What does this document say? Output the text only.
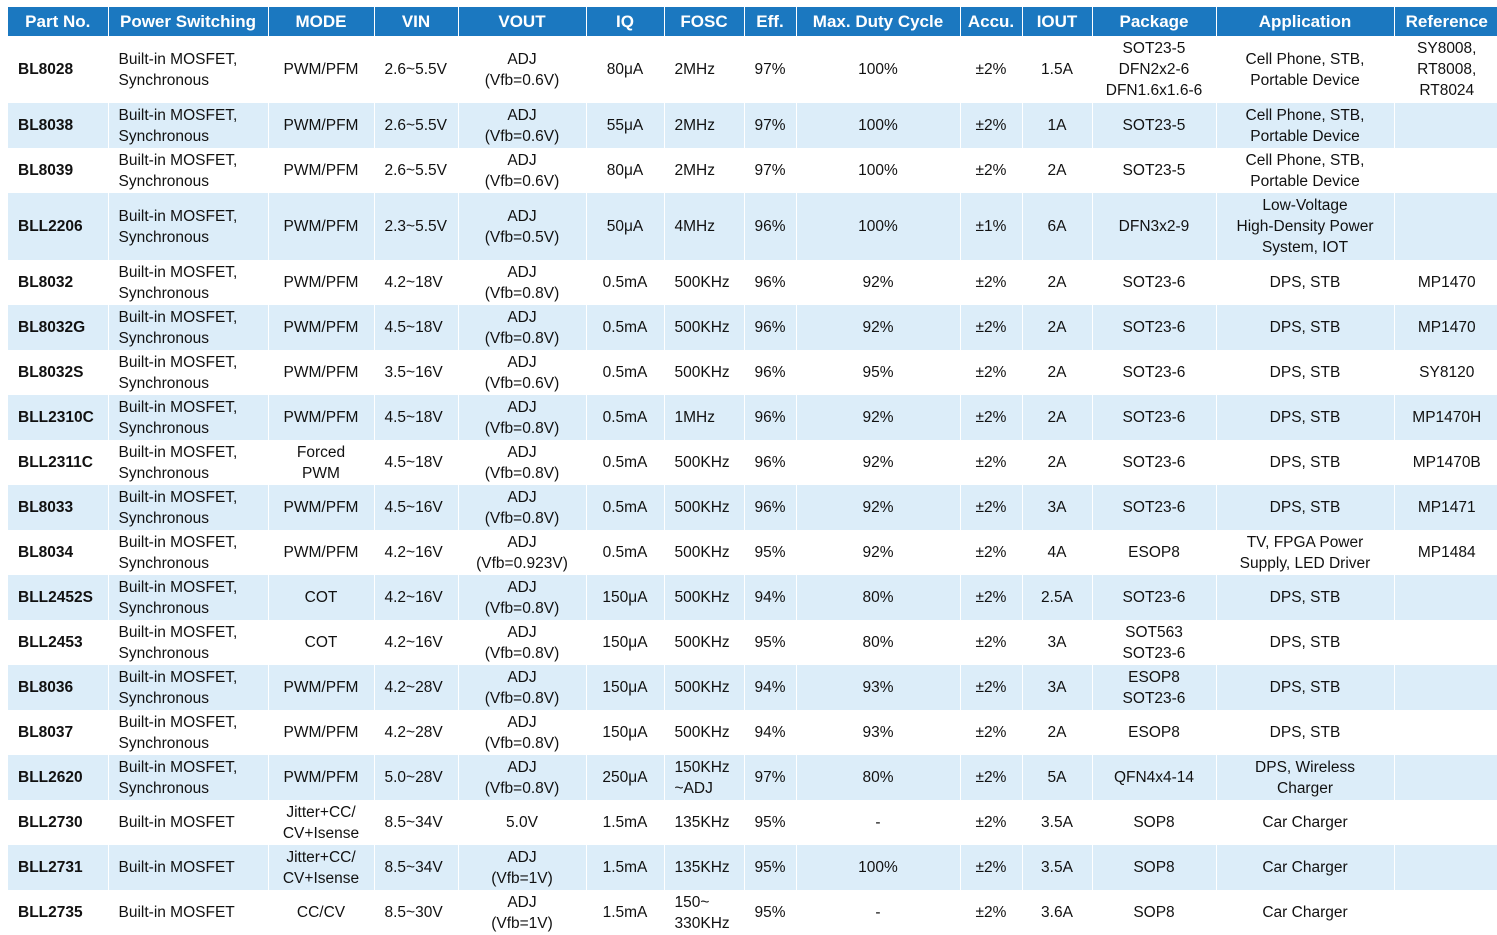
Part No.	Power Switching	MODE	VIN	VOUT	IQ	FOSC	Eff.	Max. Duty Cycle	Accu.	IOUT	Package	Application	Reference
BL8028	Built-in MOSFET,
Synchronous	PWM/PFM	2.6~5.5V	ADJ
(Vfb=0.6V)	80μA	2MHz	97%	100%	±2%	1.5A	SOT23-5
DFN2x2-6
DFN1.6x1.6-6	Cell Phone, STB,
Portable Device	SY8008,
RT8008,
RT8024

BL8038	Built-in MOSFET,
Synchronous	PWM/PFM	2.6~5.5V	ADJ
(Vfb=0.6V)	55μA	2MHz	97%	100%	±2%	1A	SOT23-5	Cell Phone, STB,
Portable Device	

BL8039	Built-in MOSFET,
Synchronous	PWM/PFM	2.6~5.5V	ADJ
(Vfb=0.6V)	80μA	2MHz	97%	100%	±2%	2A	SOT23-5	Cell Phone, STB,
Portable Device	

BLL2206	Built-in MOSFET,
Synchronous	PWM/PFM	2.3~5.5V	ADJ
(Vfb=0.5V)	50μA	4MHz	96%	100%	±1%	6A	DFN3x2-9	Low-Voltage
High-Density Power
System, IOT	

BL8032	Built-in MOSFET,
Synchronous	PWM/PFM	4.2~18V	ADJ
(Vfb=0.8V)	0.5mA	500KHz	96%	92%	±2%	2A	SOT23-6	DPS, STB	MP1470

BL8032G	Built-in MOSFET,
Synchronous	PWM/PFM	4.5~18V	ADJ
(Vfb=0.8V)	0.5mA	500KHz	96%	92%	±2%	2A	SOT23-6	DPS, STB	MP1470

BL8032S	Built-in MOSFET,
Synchronous	PWM/PFM	3.5~16V	ADJ
(Vfb=0.6V)	0.5mA	500KHz	96%	95%	±2%	2A	SOT23-6	DPS, STB	SY8120

BLL2310C	Built-in MOSFET,
Synchronous	PWM/PFM	4.5~18V	ADJ
(Vfb=0.8V)	0.5mA	1MHz	96%	92%	±2%	2A	SOT23-6	DPS, STB	MP1470H

BLL2311C	Built-in MOSFET,
Synchronous	Forced
PWM	4.5~18V	ADJ
(Vfb=0.8V)	0.5mA	500KHz	96%	92%	±2%	2A	SOT23-6	DPS, STB	MP1470B

BL8033	Built-in MOSFET,
Synchronous	PWM/PFM	4.5~16V	ADJ
(Vfb=0.8V)	0.5mA	500KHz	96%	92%	±2%	3A	SOT23-6	DPS, STB	MP1471

BL8034	Built-in MOSFET,
Synchronous	PWM/PFM	4.2~16V	ADJ
(Vfb=0.923V)	0.5mA	500KHz	95%	92%	±2%	4A	ESOP8	TV, FPGA Power
Supply, LED Driver	MP1484

BLL2452S	Built-in MOSFET,
Synchronous	COT	4.2~16V	ADJ
(Vfb=0.8V)	150μA	500KHz	94%	80%	±2%	2.5A	SOT23-6	DPS, STB	

BLL2453	Built-in MOSFET,
Synchronous	COT	4.2~16V	ADJ
(Vfb=0.8V)	150μA	500KHz	95%	80%	±2%	3A	SOT563
SOT23-6	DPS, STB	

BL8036	Built-in MOSFET,
Synchronous	PWM/PFM	4.2~28V	ADJ
(Vfb=0.8V)	150μA	500KHz	94%	93%	±2%	3A	ESOP8
SOT23-6	DPS, STB	

BL8037	Built-in MOSFET,
Synchronous	PWM/PFM	4.2~28V	ADJ
(Vfb=0.8V)	150μA	500KHz	94%	93%	±2%	2A	ESOP8	DPS, STB	

BLL2620	Built-in MOSFET,
Synchronous	PWM/PFM	5.0~28V	ADJ
(Vfb=0.8V)	250μA	150KHz
~ADJ	97%	80%	±2%	5A	QFN4x4-14	DPS, Wireless
Charger	

BLL2730	Built-in MOSFET	Jitter+CC/
CV+Isense	8.5~34V	5.0V	1.5mA	135KHz	95%	-	±2%	3.5A	SOP8	Car Charger	

BLL2731	Built-in MOSFET	Jitter+CC/
CV+Isense	8.5~34V	ADJ
(Vfb=1V)	1.5mA	135KHz	95%	100%	±2%	3.5A	SOP8	Car Charger	

BLL2735	Built-in MOSFET	CC/CV	8.5~30V	ADJ
(Vfb=1V)	1.5mA	150~
330KHz	95%	-	±2%	3.6A	SOP8	Car Charger	
